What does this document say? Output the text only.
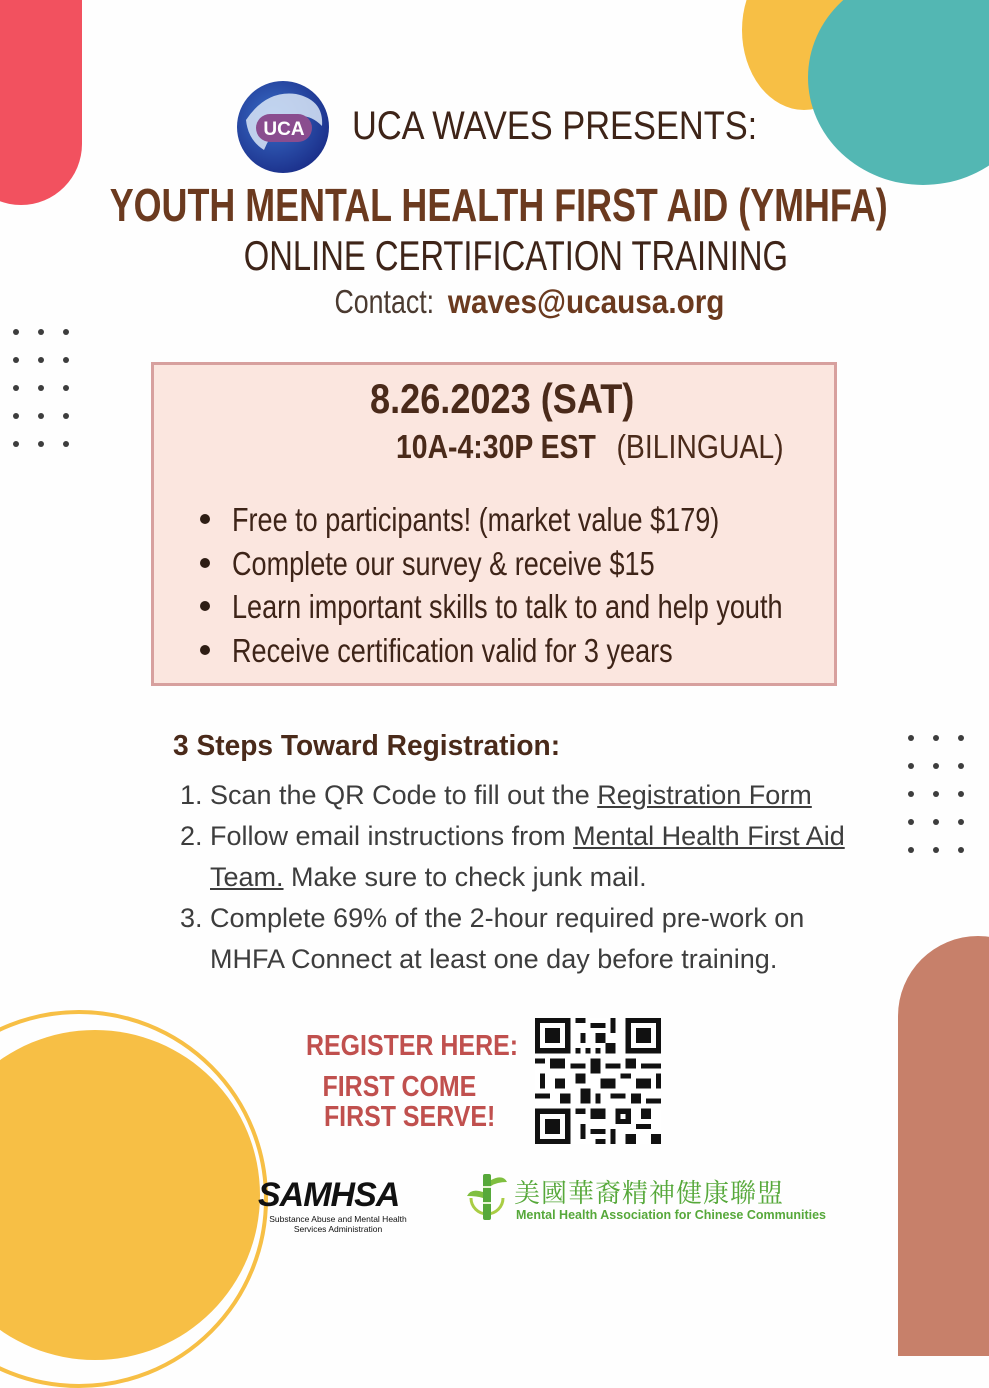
UCA UCA WAVES PRESENTS:
YOUTH MENTAL HEALTH FIRST AID (YMHFA)
ONLINE CERTIFICATION TRAINING
Contact: waves@ucausa.org
8.26.2023 (SAT)
10A-4:30P EST (BILINGUAL)
Free to participants! (market value $179)
Complete our survey & receive $15
Learn important skills to talk to and help youth
Receive certification valid for 3 years
3 Steps Toward Registration:
1. Scan the QR Code to fill out the Registration Form
2. Follow email instructions from Mental Health First Aid Team. Make sure to check junk mail.
3. Complete 69% of the 2-hour required pre-work on MHFA Connect at least one day before training.
REGISTER HERE:
FIRST COME
FIRST SERVE!
SAMHSA
Substance Abuse and Mental Health Services Administration
美國華裔精神健康聯盟
Mental Health Association for Chinese Communities
